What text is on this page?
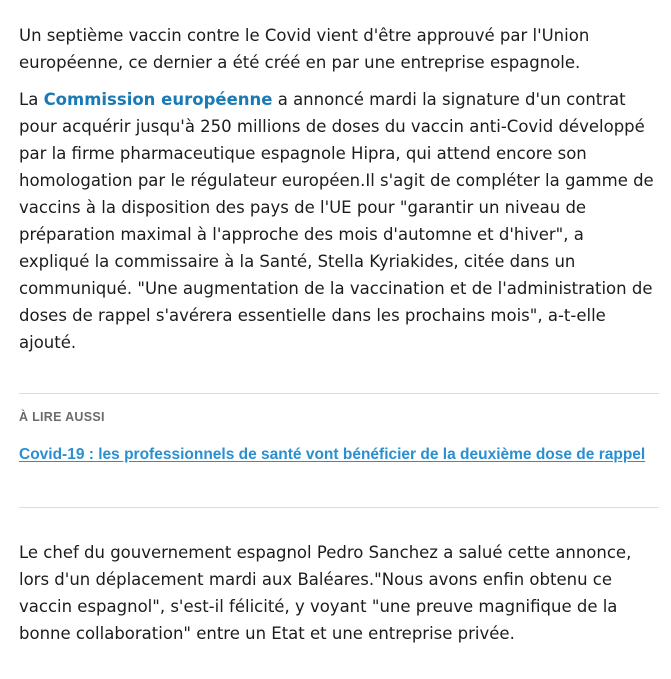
Un septième vaccin contre le Covid vient d'être approuvé par l'Union européenne, ce dernier a été créé en par une entreprise espagnole.

La Commission européenne a annoncé mardi la signature d'un contrat pour acquérir jusqu'à 250 millions de doses du vaccin anti-Covid développé par la firme pharmaceutique espagnole Hipra, qui attend encore son homologation par le régulateur européen.Il s'agit de compléter la gamme de vaccins à la disposition des pays de l'UE pour "garantir un niveau de préparation maximal à l'approche des mois d'automne et d'hiver", a expliqué la commissaire à la Santé, Stella Kyriakides, citée dans un communiqué. "Une augmentation de la vaccination et de l'administration de doses de rappel s'avérera essentielle dans les prochains mois", a-t-elle ajouté.

À LIRE AUSSI
Covid-19 : les professionnels de santé vont bénéficier de la deuxième dose de rappel

Le chef du gouvernement espagnol Pedro Sanchez a salué cette annonce, lors d'un déplacement mardi aux Baléares."Nous avons enfin obtenu ce vaccin espagnol", s'est-il félicité, y voyant "une preuve magnifique de la bonne collaboration" entre un Etat et une entreprise privée.
